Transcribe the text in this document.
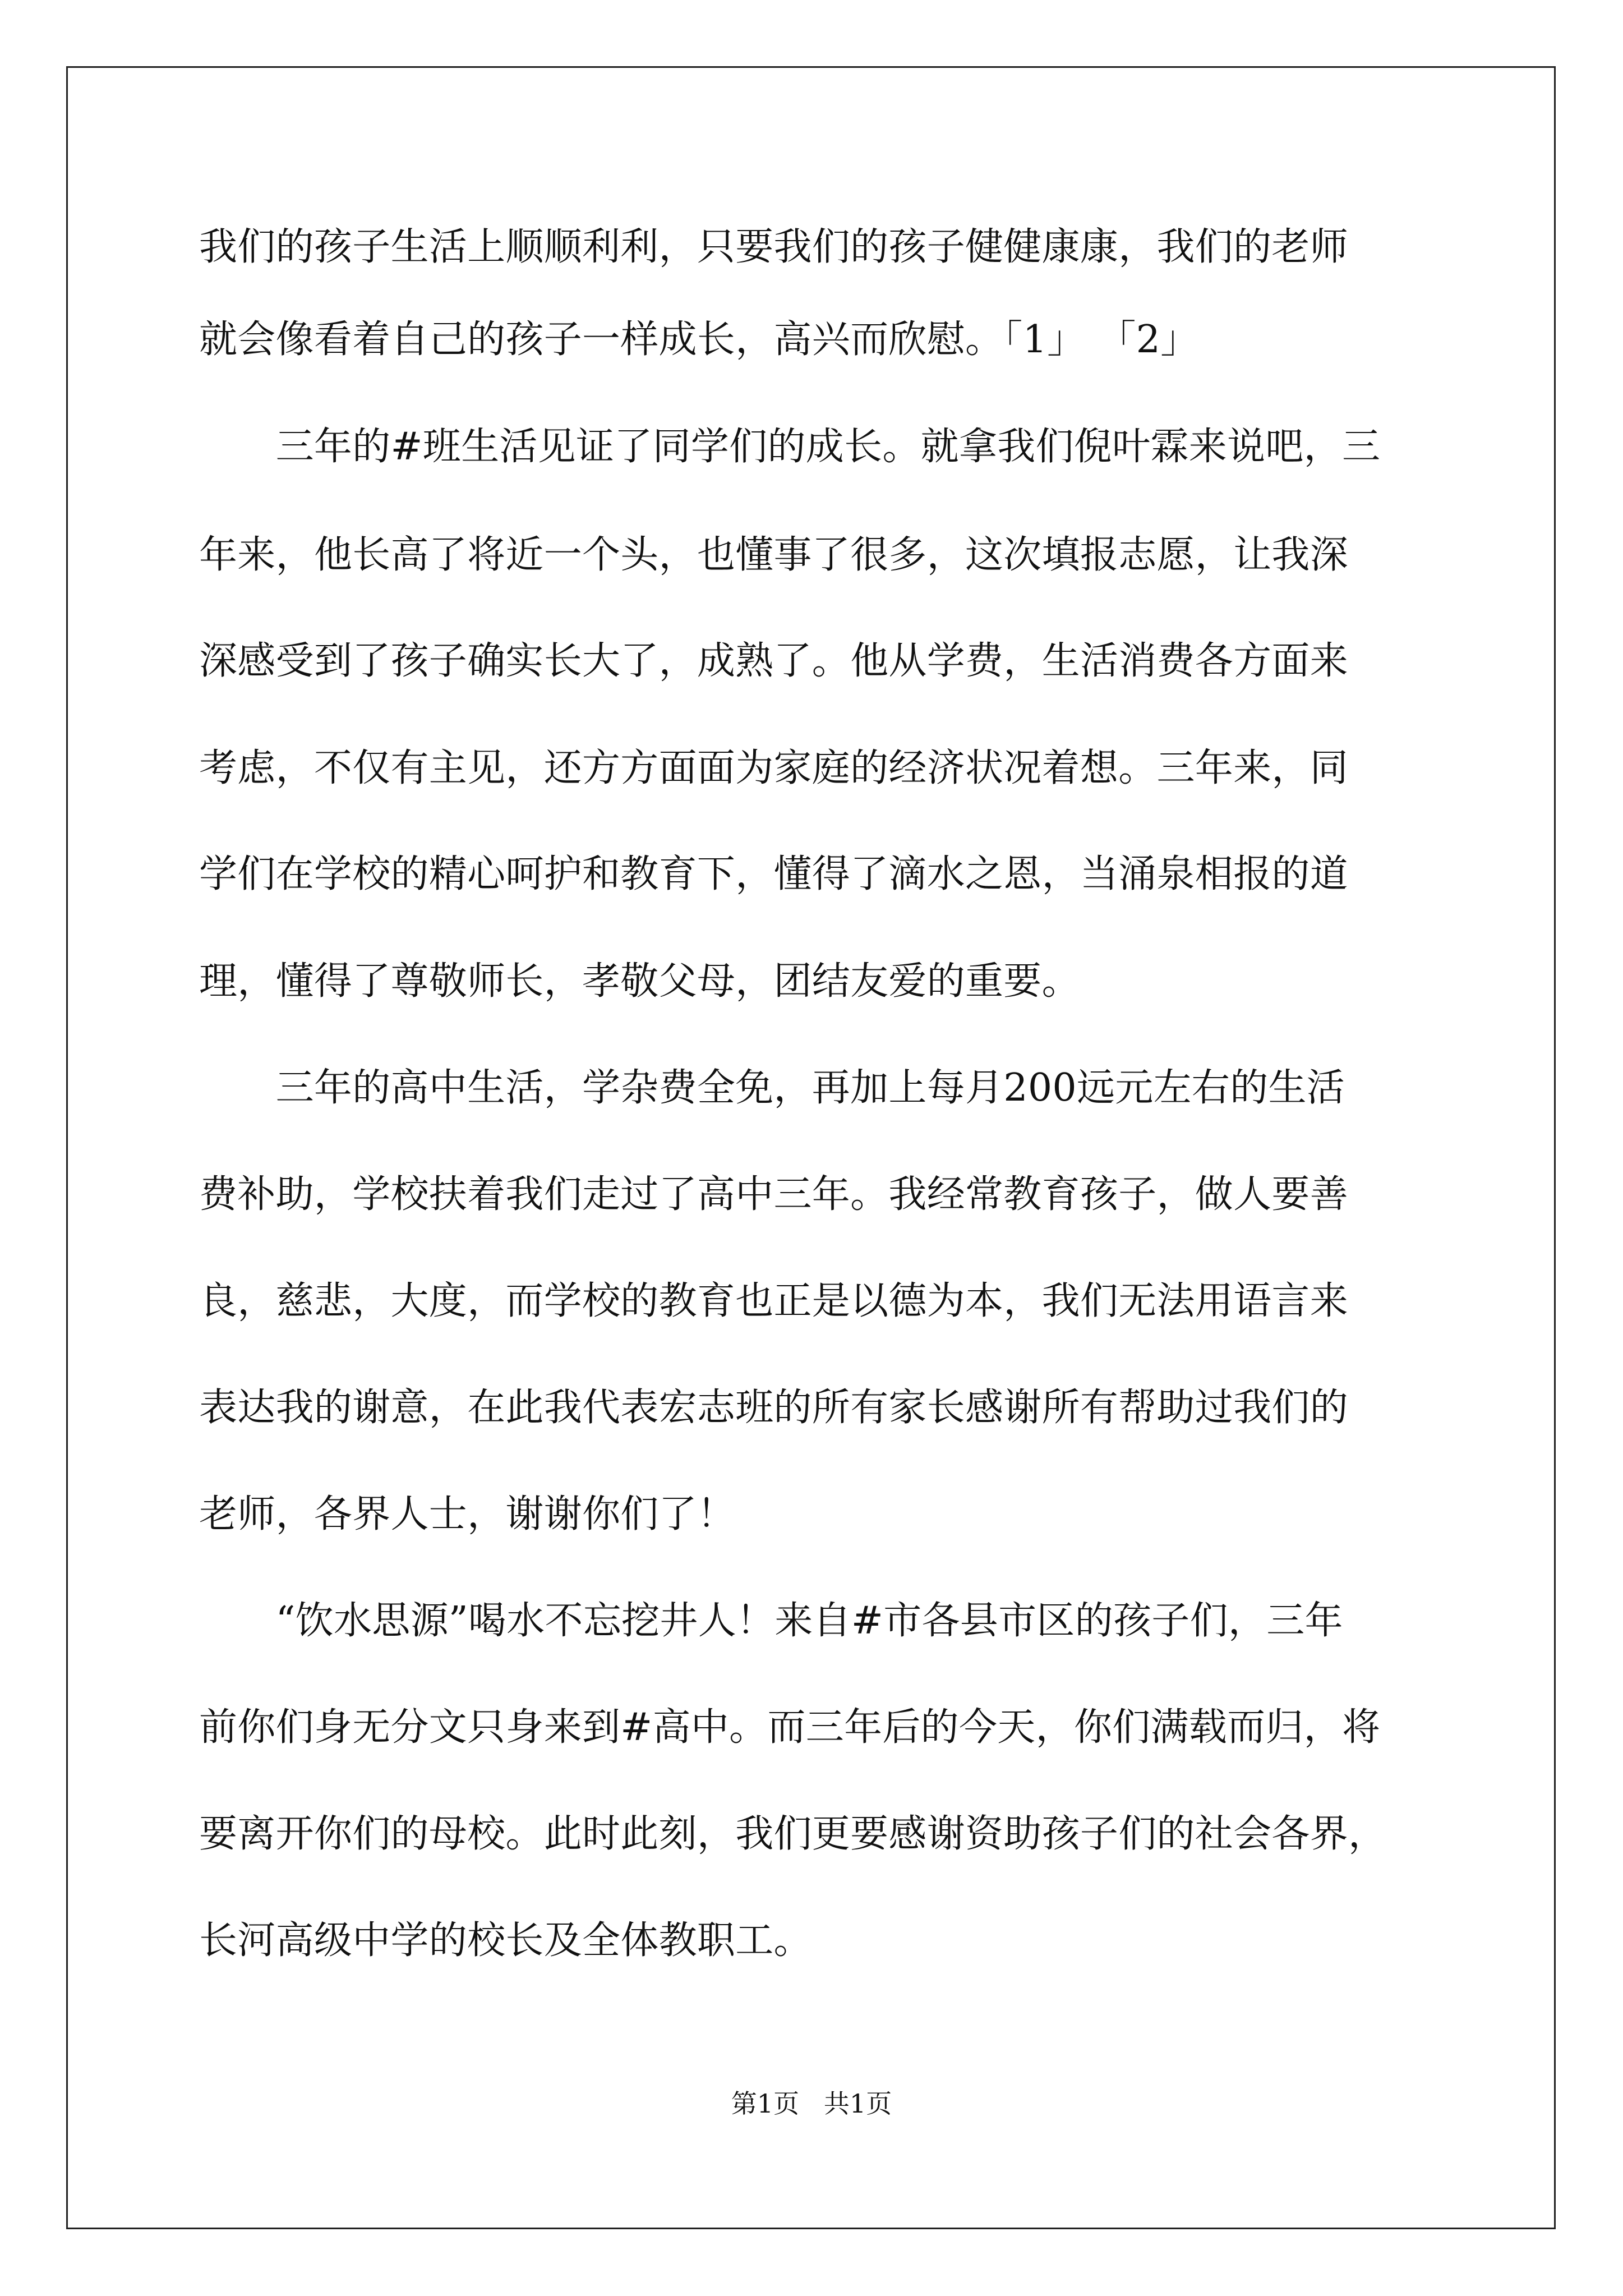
我们的孩子生活上顺顺利利，只要我们的孩子健健康康，我们的老师
就会像看着自己的孩子一样成长，高兴而欣慰。「1」 「2」
　　三年的#班生活见证了同学们的成长。就拿我们倪叶霖来说吧，三
年来，他长高了将近一个头，也懂事了很多，这次填报志愿，让我深
深感受到了孩子确实长大了，成熟了。他从学费，生活消费各方面来
考虑，不仅有主见，还方方面面为家庭的经济状况着想。三年来，同
学们在学校的精心呵护和教育下，懂得了滴水之恩，当涌泉相报的道
理，懂得了尊敬师长，孝敬父母，团结友爱的重要。
　　三年的高中生活，学杂费全免，再加上每月200远元左右的生活
费补助，学校扶着我们走过了高中三年。我经常教育孩子，做人要善
良，慈悲，大度，而学校的教育也正是以德为本，我们无法用语言来
表达我的谢意，在此我代表宏志班的所有家长感谢所有帮助过我们的
老师，各界人士，谢谢你们了！
　　“饮水思源”喝水不忘挖井人！来自#市各县市区的孩子们，三年
前你们身无分文只身来到#高中。而三年后的今天，你们满载而归，将
要离开你们的母校。此时此刻，我们更要感谢资助孩子们的社会各界，
长河高级中学的校长及全体教职工。
第1页   共1页
